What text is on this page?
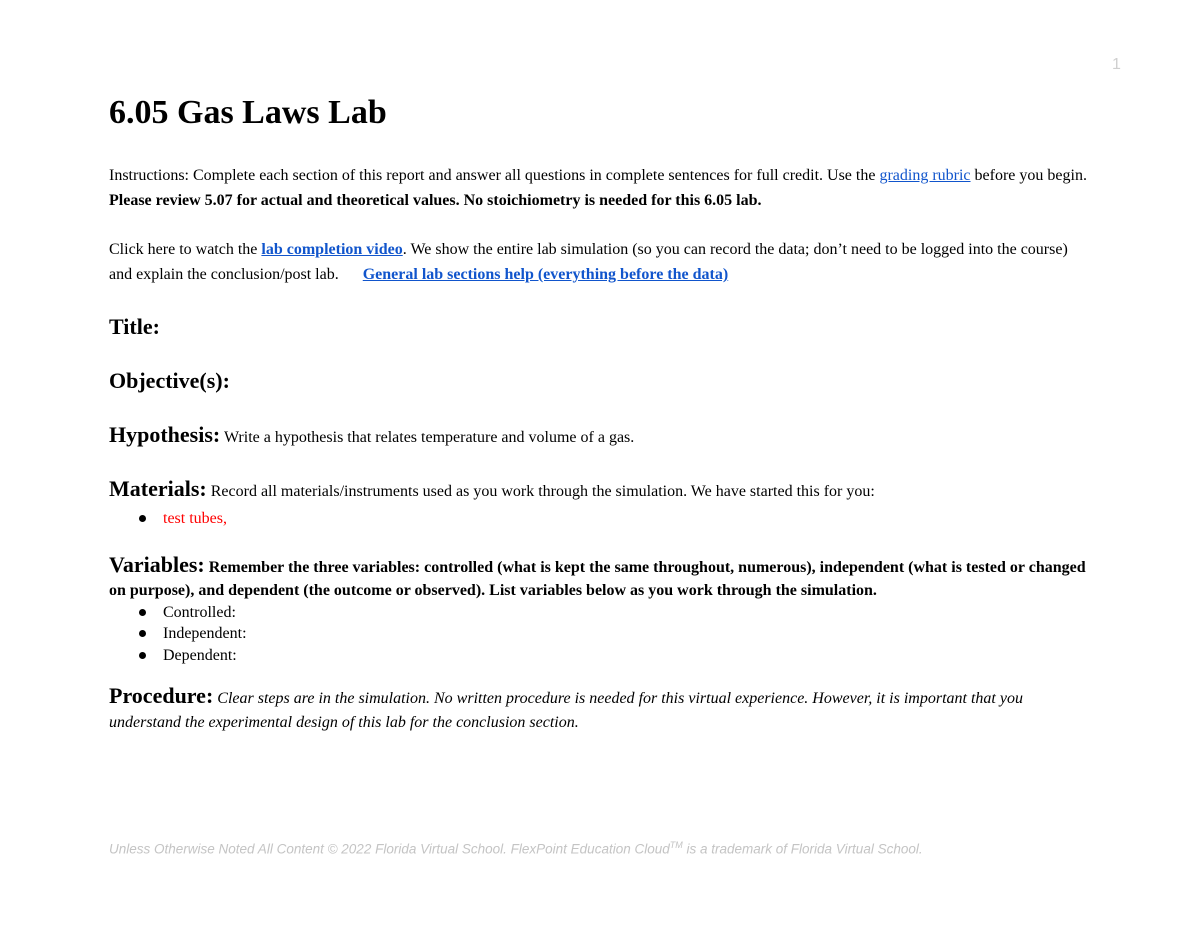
1
6.05 Gas Laws Lab

Instructions: Complete each section of this report and answer all questions in complete sentences for full credit. Use the grading rubric before you begin. Please review 5.07 for actual and theoretical values. No stoichiometry is needed for this 6.05 lab.

Click here to watch the lab completion video. We show the entire lab simulation (so you can record the data; don’t need to be logged into the course) and explain the conclusion/post lab. General lab sections help (everything before the data)

Title:

Objective(s):

Hypothesis: Write a hypothesis that relates temperature and volume of a gas.

Materials: Record all materials/instruments used as you work through the simulation. We have started this for you:

test tubes,

Variables: Remember the three variables: controlled (what is kept the same throughout, numerous), independent (what is tested or changed on purpose), and dependent (the outcome or observed). List variables below as you work through the simulation.

Controlled:
Independent:
Dependent:

Procedure: Clear steps are in the simulation. No written procedure is needed for this virtual experience. However, it is important that you understand the experimental design of this lab for the conclusion section.

Unless Otherwise Noted All Content © 2022 Florida Virtual School. FlexPoint Education Cloud™ is a trademark of Florida Virtual School.
